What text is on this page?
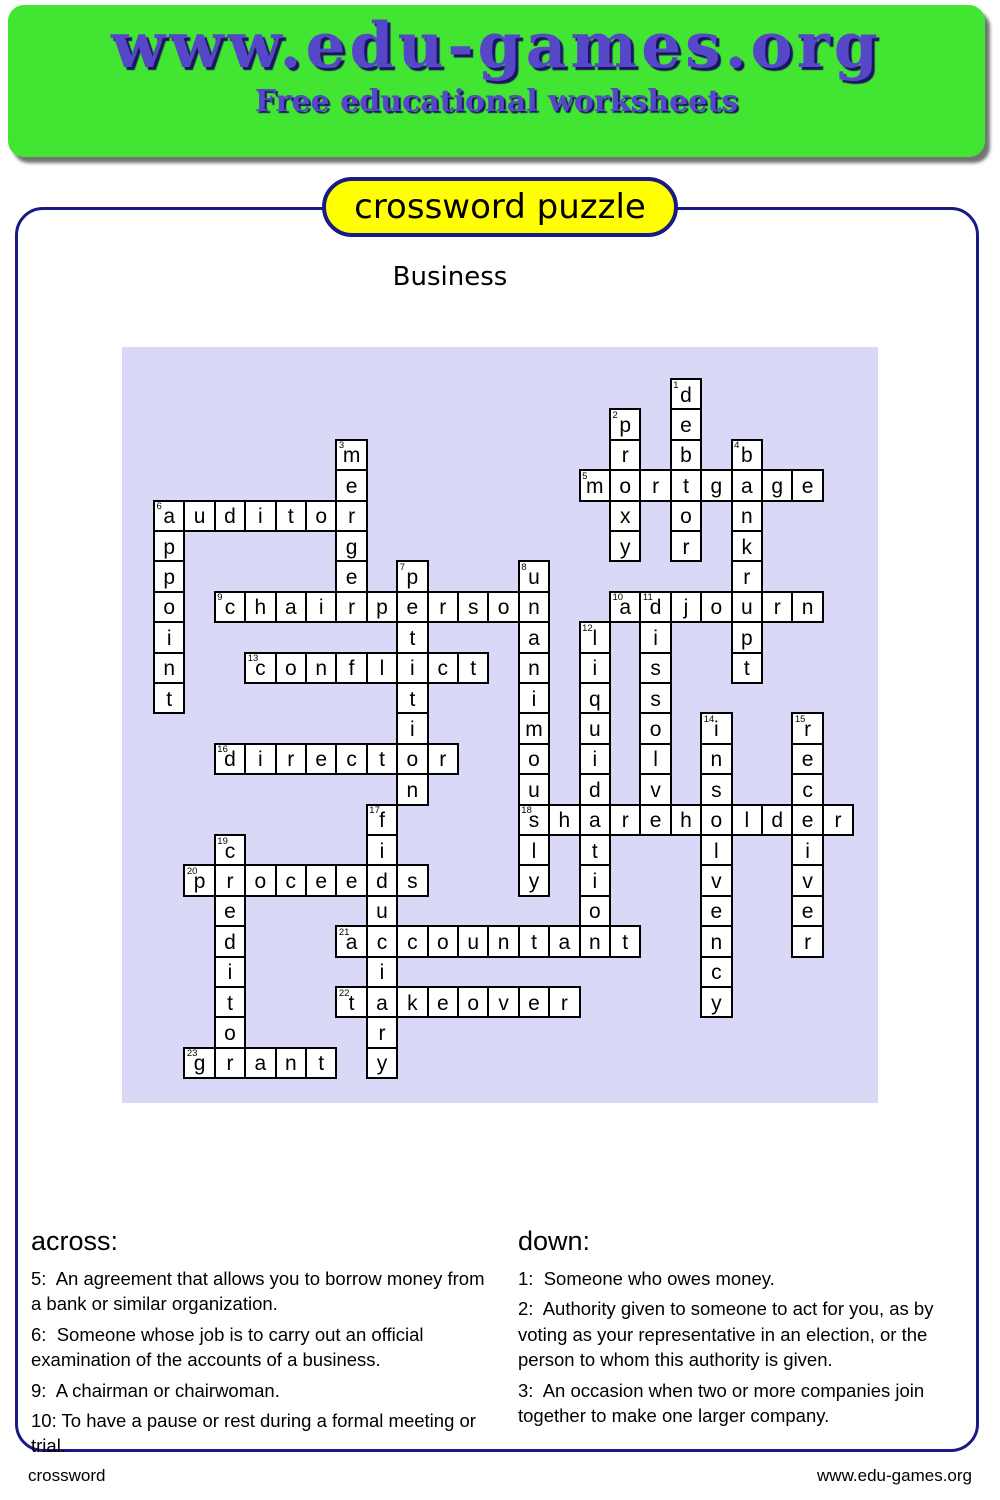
www.edu-games.org

Free educational worksheets

crossword puzzle
Business
1 d
e
b
t
o
r
2 p
r
o
x
y
3
m
e
r
g
e
r
4 b
a
n
k
r
u
p
t
5
m r g g e
6 a u d i t o
p
p
o
i
n
t
7 p
e
t
i
t
i
o
n
8 u
n
a
n
i
m
o
u
18
s
l
y
9 c h a i	p r s o	10
a 11
d j o r n
i
s
s
o
l
v
e
12 l
i
q
u
i
d
a
t
i
o
n
13
c o n f l	c t
14 i
n
s
o
l
v
e
n
c
y
15
r
e
c
e
i
v
e
r
16
d i r e c t	r
17 f
i
d
u
c
i
a
r
y
h r h	l d r
19
c
r
e
d
i
t
o
r
20
p o c e e s
21
a c o u n t a t
22 t	k e o v e r
23
g a n t
across:

5:  An agreement that allows you to borrow money from a bank or similar organization.

6:  Someone whose job is to carry out an official examination of the accounts of a business.

9:  A chairman or chairwoman.

10: To have a pause or rest during a formal meeting or trial.

down:

1:  Someone who owes money.

2:  Authority given to someone to act for you, as by voting as your representative in an election, or the person to whom this authority is given.

3:  An occasion when two or more companies join together to make one larger company.

crossword	www.edu-games.org
